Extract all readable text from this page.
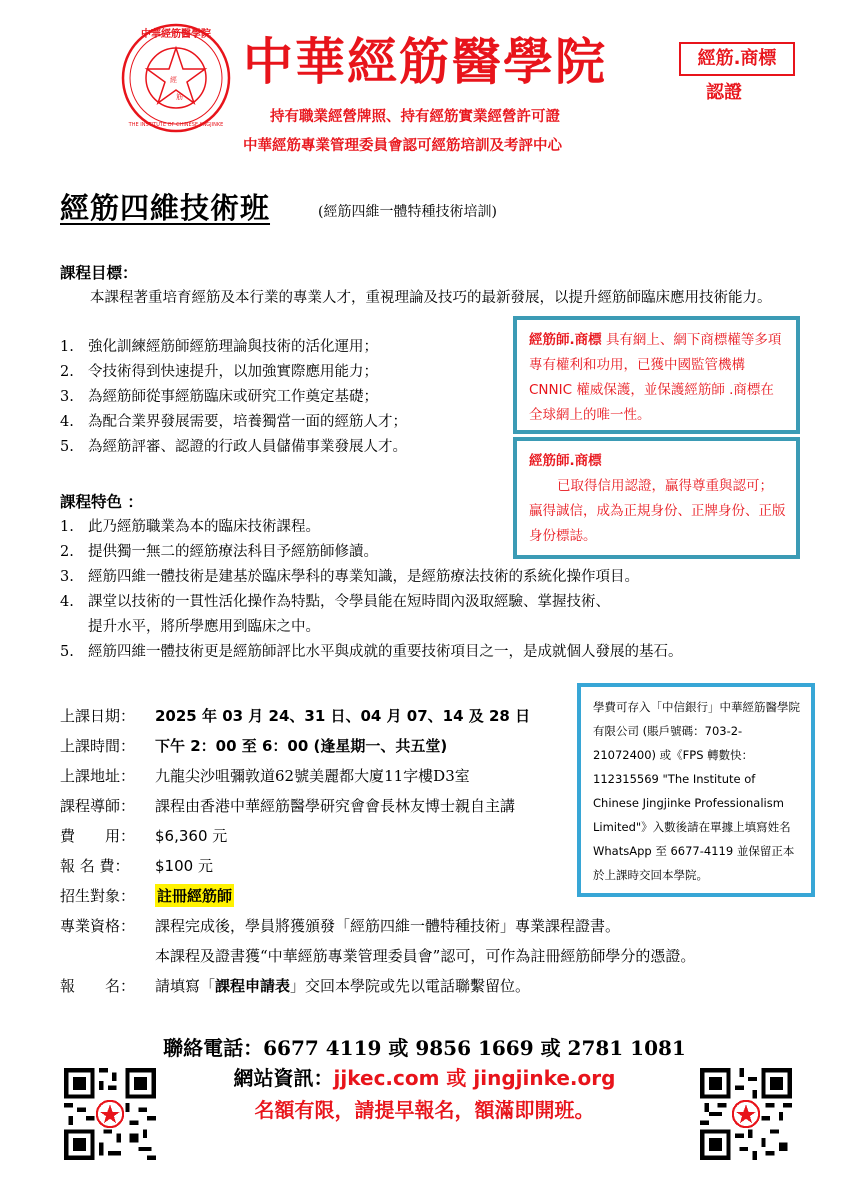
中華經筋醫學院
THE INSTITUTE OF CHINESE JINGJINKE
經
筋
中華經筋醫學院
持有職業經營牌照、持有經筋實業經營許可證
中華經筋專業管理委員會認可經筋培訓及考評中心
經筋.商標
認證
經筋四維技術班	(經筋四維一體特種技術培訓)
課程目標：

本課程著重培育經筋及本行業的專業人才，重視理論及技巧的最新發展，以提升經筋師臨床應用技術能力。

1. 強化訓練經筋師經筋理論與技術的活化運用；
2. 令技術得到快速提升，以加強實際應用能力；
3. 為經筋師從事經筋臨床或研究工作奠定基礎；
4. 為配合業界發展需要，培養獨當一面的經筋人才；
5. 為經筋評審、認證的行政人員儲備事業發展人才。
課程特色 ：
1. 此乃經筋職業為本的臨床技術課程。
2. 提供獨一無二的經筋療法科目予經筋師修讀。
3. 經筋四維一體技術是建基於臨床學科的專業知識，是經筋療法技術的系統化操作項目。
4. 課堂以技術的一貫性活化操作為特點，令學員能在短時間內汲取經驗、掌握技術、
提升水平，將所學應用到臨床之中。
5. 經筋四維一體技術更是經筋師評比水平與成就的重要技術項目之一，是成就個人發展的基石。
經筋師.商標 具有網上、網下商標權等多項專有權利和功用，已獲中國監管機構 CNNIC 權威保護，並保護經筋師 .商標在全球網上的唯一性。
經筋師.商標

已取得信用認證，贏得尊重與認可；贏得誠信，成為正規身份、正牌身份、正版身份標誌。

上課日期：	2025 年 03 月 24、31 日、04 月 07、14 及 28 日
上課時間：	下午 2：00 至 6：00 (逢星期一、共五堂)
上課地址：	九龍尖沙咀彌敦道62號美麗都大廈11字樓D3室
課程導師：	課程由香港中華經筋醫學研究會會長林友博士親自主講
費　　用：	$6,360 元
報 名 費：	$100 元
招生對象：	註冊經筋師
專業資格：	課程完成後，學員將獲頒發「經筋四維一體特種技術」專業課程證書。
本課程及證書獲“中華經筋專業管理委員會”認可，可作為註冊經筋師學分的憑證。
報　　名：	請填寫「課程申請表」交回本學院或先以電話聯繫留位。
學費可存入「中信銀行」中華經筋醫學院有限公司 (賬戶號碼：703-2-21072400) 或《FPS 轉數快：112315569 "The Institute of Chinese Jingjinke Professionalism Limited"》入數後請在單據上填寫姓名 WhatsApp 至 6677-4119 並保留正本於上課時交回本學院。
聯絡電話：6677 4119 或 9856 1669 或 2781 1081
網站資訊：jjkec.com 或 jingjinke.org
名額有限，請提早報名，額滿即開班。
